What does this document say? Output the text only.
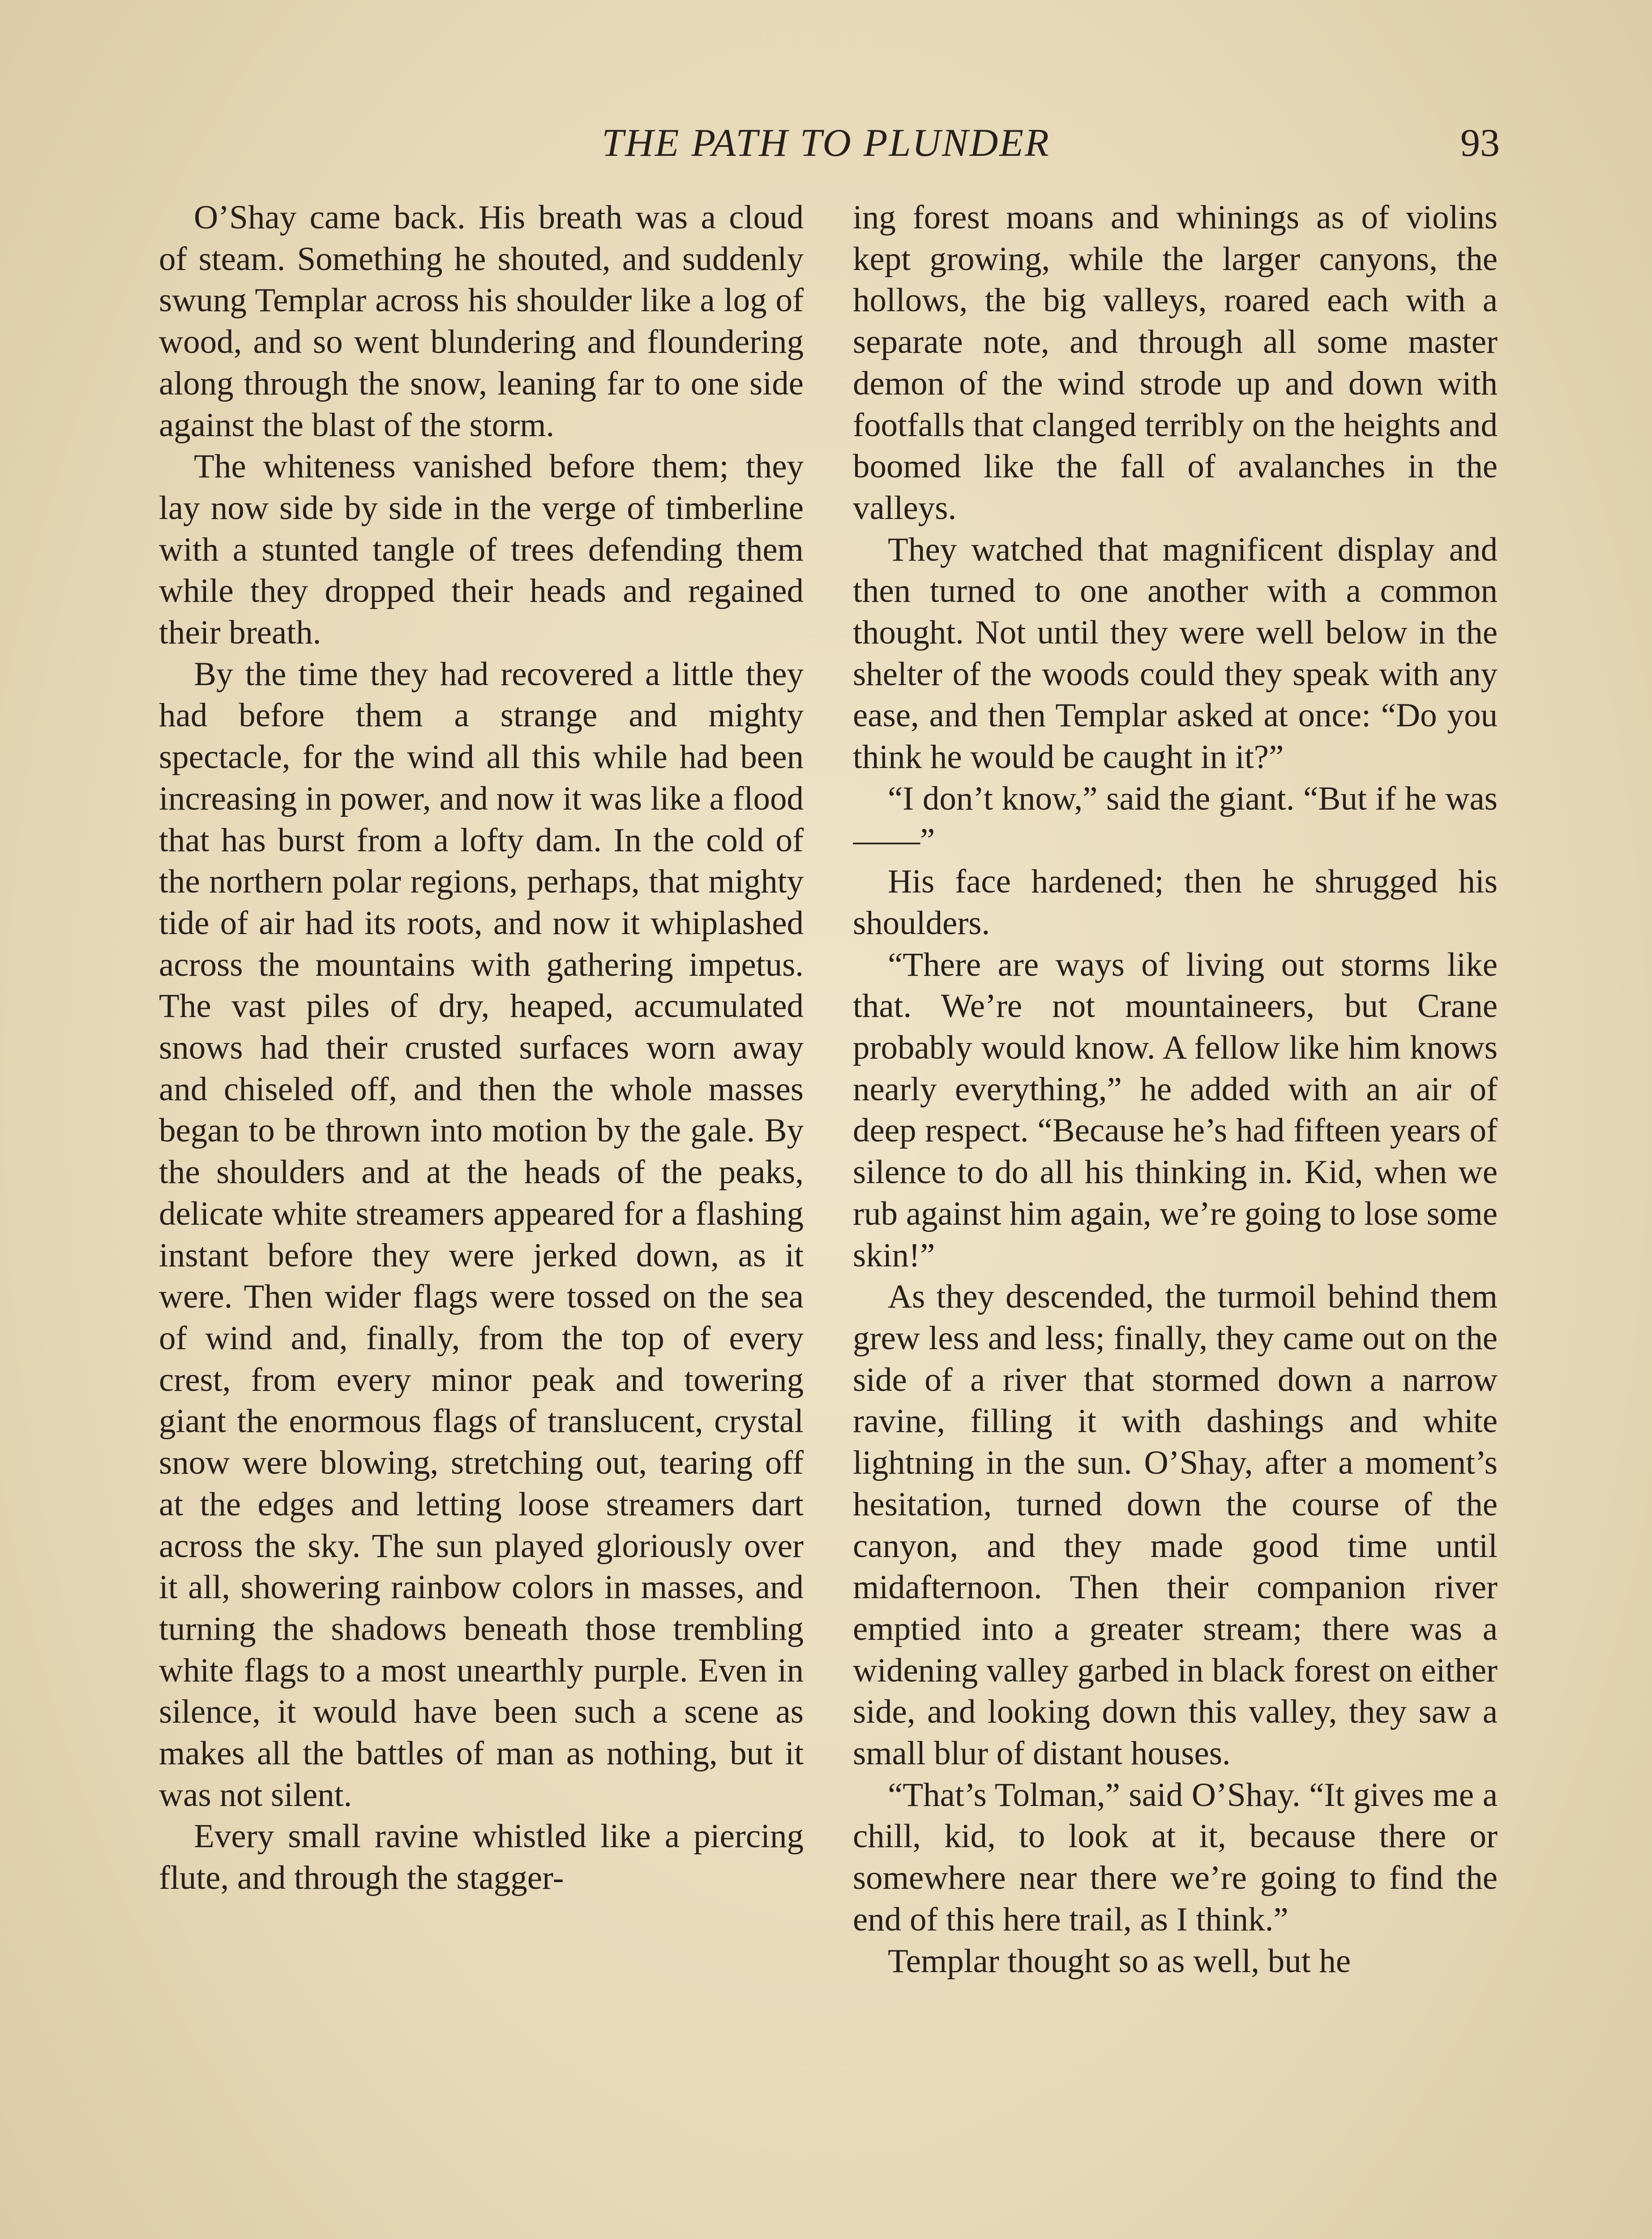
THE PATH TO PLUNDER	93

O’Shay came back. His breath was a cloud of steam. Something he shouted, and suddenly swung Templar across his shoulder like a log of wood, and so went blundering and floundering along through the snow, leaning far to one side against the blast of the storm.

The whiteness vanished before them; they lay now side by side in the verge of timberline with a stunted tangle of trees defending them while they dropped their heads and regained their breath.

By the time they had recovered a little they had before them a strange and mighty spectacle, for the wind all this while had been increasing in power, and now it was like a flood that has burst from a lofty dam. In the cold of the northern polar regions, perhaps, that mighty tide of air had its roots, and now it whiplashed across the mountains with gathering impetus. The vast piles of dry, heaped, accumulated snows had their crusted surfaces worn away and chiseled off, and then the whole masses began to be thrown into motion by the gale. By the shoulders and at the heads of the peaks, delicate white streamers appeared for a flashing instant before they were jerked down, as it were. Then wider flags were tossed on the sea of wind and, finally, from the top of every crest, from every minor peak and towering giant the enormous flags of translucent, crystal snow were blowing, stretching out, tearing off at the edges and letting loose streamers dart across the sky. The sun played gloriously over it all, showering rainbow colors in masses, and turning the shadows beneath those trembling white flags to a most unearthly purple. Even in silence, it would have been such a scene as makes all the battles of man as nothing, but it was not silent.

Every small ravine whistled like a piercing flute, and through the stagger-

ing forest moans and whinings as of violins kept growing, while the larger canyons, the hollows, the big valleys, roared each with a separate note, and through all some master demon of the wind strode up and down with footfalls that clanged terribly on the heights and boomed like the fall of avalanches in the valleys.

They watched that magnificent display and then turned to one another with a common thought. Not until they were well below in the shelter of the woods could they speak with any ease, and then Templar asked at once: “Do you think he would be caught in it?”

“I don’t know,” said the giant. “But if he was——”

His face hardened; then he shrugged his shoulders.

“There are ways of living out storms like that. We’re not mountaineers, but Crane probably would know. A fellow like him knows nearly everything,” he added with an air of deep respect. “Because he’s had fifteen years of silence to do all his thinking in. Kid, when we rub against him again, we’re going to lose some skin!”

As they descended, the turmoil behind them grew less and less; finally, they came out on the side of a river that stormed down a narrow ravine, filling it with dashings and white lightning in the sun. O’Shay, after a moment’s hesitation, turned down the course of the canyon, and they made good time until midafternoon. Then their companion river emptied into a greater stream; there was a widening valley garbed in black forest on either side, and looking down this valley, they saw a small blur of distant houses.

“That’s Tolman,” said O’Shay. “It gives me a chill, kid, to look at it, because there or somewhere near there we’re going to find the end of this here trail, as I think.”

Templar thought so as well, but he
